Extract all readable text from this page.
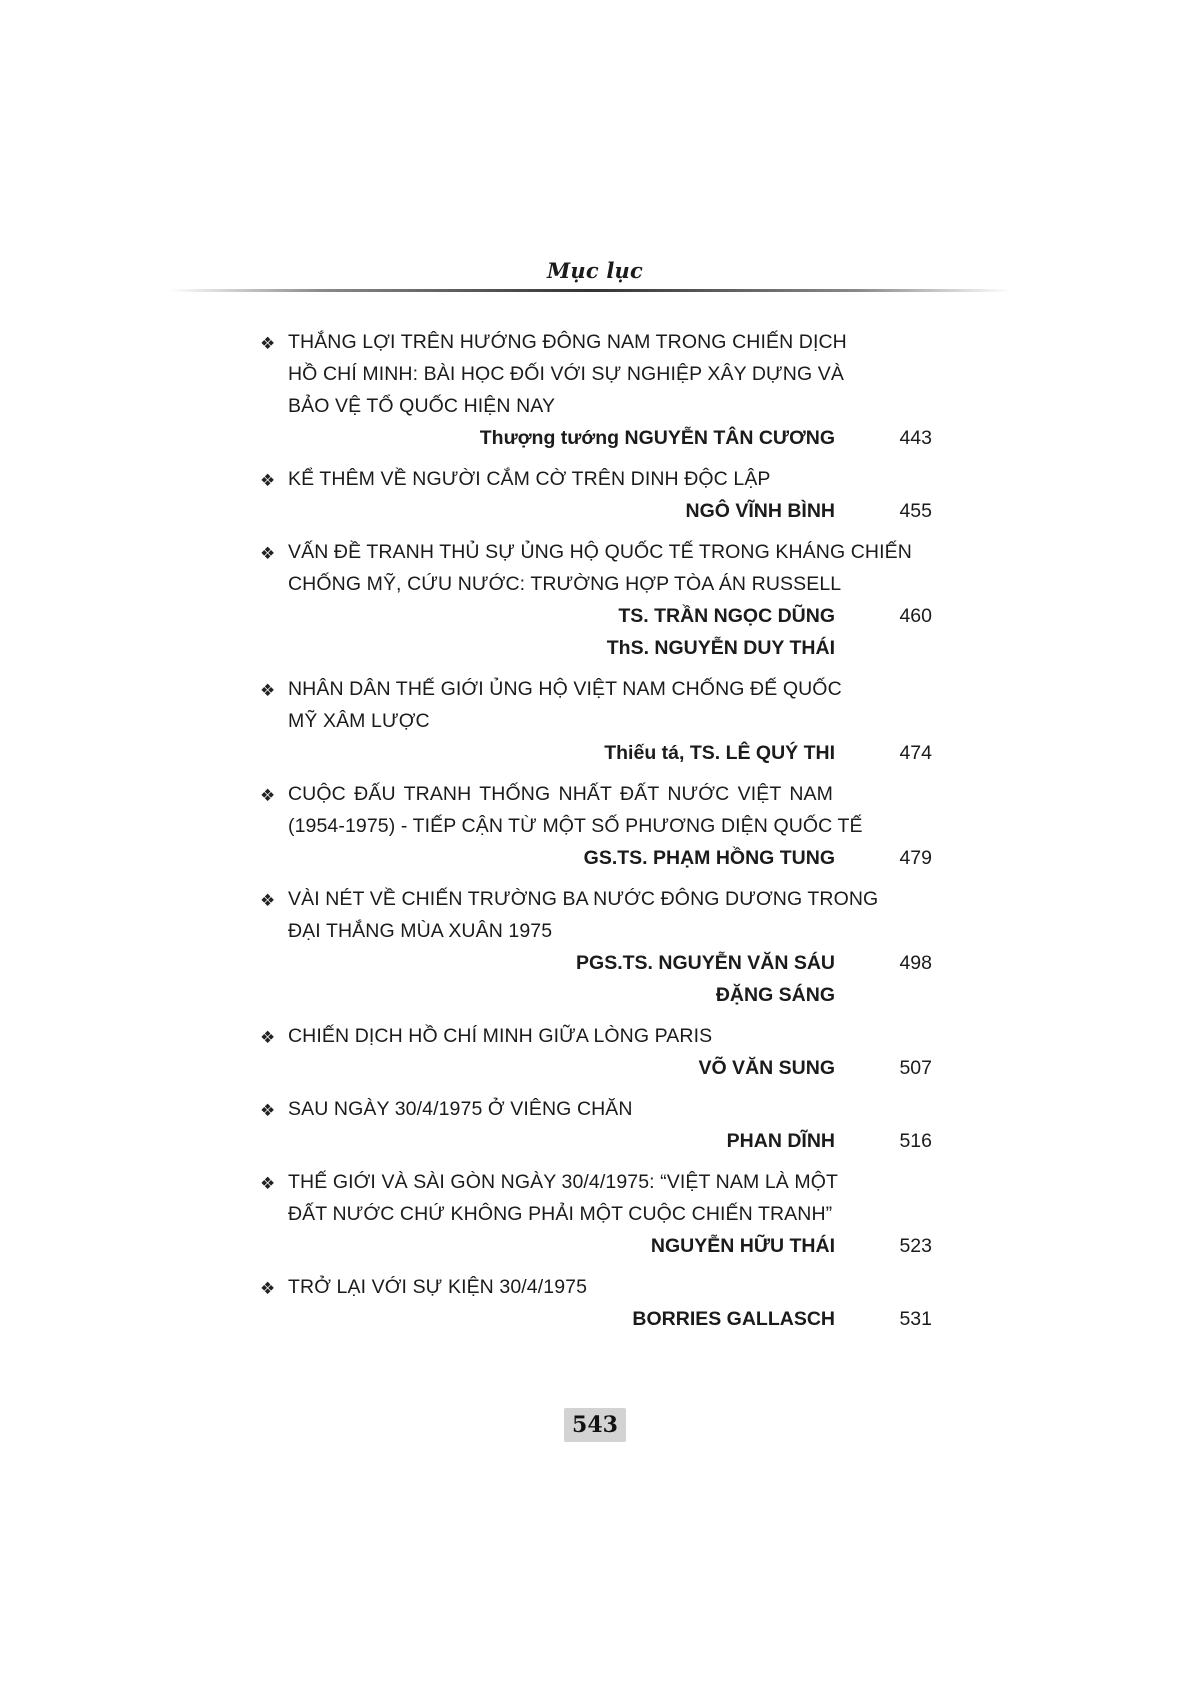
Mục lục
❖ THẮNG LỢI TRÊN HƯỚNG ĐÔNG NAM TRONG CHIẾN DỊCH
HỒ CHÍ MINH: BÀI HỌC ĐỐI VỚI SỰ NGHIỆP XÂY DỰNG VÀ
BẢO VỆ TỔ QUỐC HIỆN NAY
Thượng tướng NGUYỄN TÂN CƯƠNG	443
❖ KỂ THÊM VỀ NGƯỜI CẮM CỜ TRÊN DINH ĐỘC LẬP
NGÔ VĨNH BÌNH	455
❖ VẤN ĐỀ TRANH THỦ SỰ ỦNG HỘ QUỐC TẾ TRONG KHÁNG CHIẾN
CHỐNG MỸ, CỨU NƯỚC: TRƯỜNG HỢP TÒA ÁN RUSSELL
TS. TRẦN NGỌC DŨNG	460
ThS. NGUYỄN DUY THÁI
❖ NHÂN DÂN THẾ GIỚI ỦNG HỘ VIỆT NAM CHỐNG ĐẾ QUỐC
MỸ XÂM LƯỢC
Thiếu tá, TS. LÊ QUÝ THI	474
❖ CUỘC ĐẤU TRANH THỐNG NHẤT ĐẤT NƯỚC VIỆT NAM
(1954-1975) - TIẾP CẬN TỪ MỘT SỐ PHƯƠNG DIỆN QUỐC TẾ
GS.TS. PHẠM HỒNG TUNG	479
❖ VÀI NÉT VỀ CHIẾN TRƯỜNG BA NƯỚC ĐÔNG DƯƠNG TRONG
ĐẠI THẮNG MÙA XUÂN 1975
PGS.TS. NGUYỄN VĂN SÁU	498
ĐẶNG SÁNG
❖ CHIẾN DỊCH HỒ CHÍ MINH GIỮA LÒNG PARIS
VÕ VĂN SUNG	507
❖ SAU NGÀY 30/4/1975 Ở VIÊNG CHĂN
PHAN DĨNH	516
❖ THẾ GIỚI VÀ SÀI GÒN NGÀY 30/4/1975: “VIỆT NAM LÀ MỘT
ĐẤT NƯỚC CHỨ KHÔNG PHẢI MỘT CUỘC CHIẾN TRANH”
NGUYỄN HỮU THÁI	523
❖ TRỞ LẠI VỚI SỰ KIỆN 30/4/1975
BORRIES GALLASCH	531
543
